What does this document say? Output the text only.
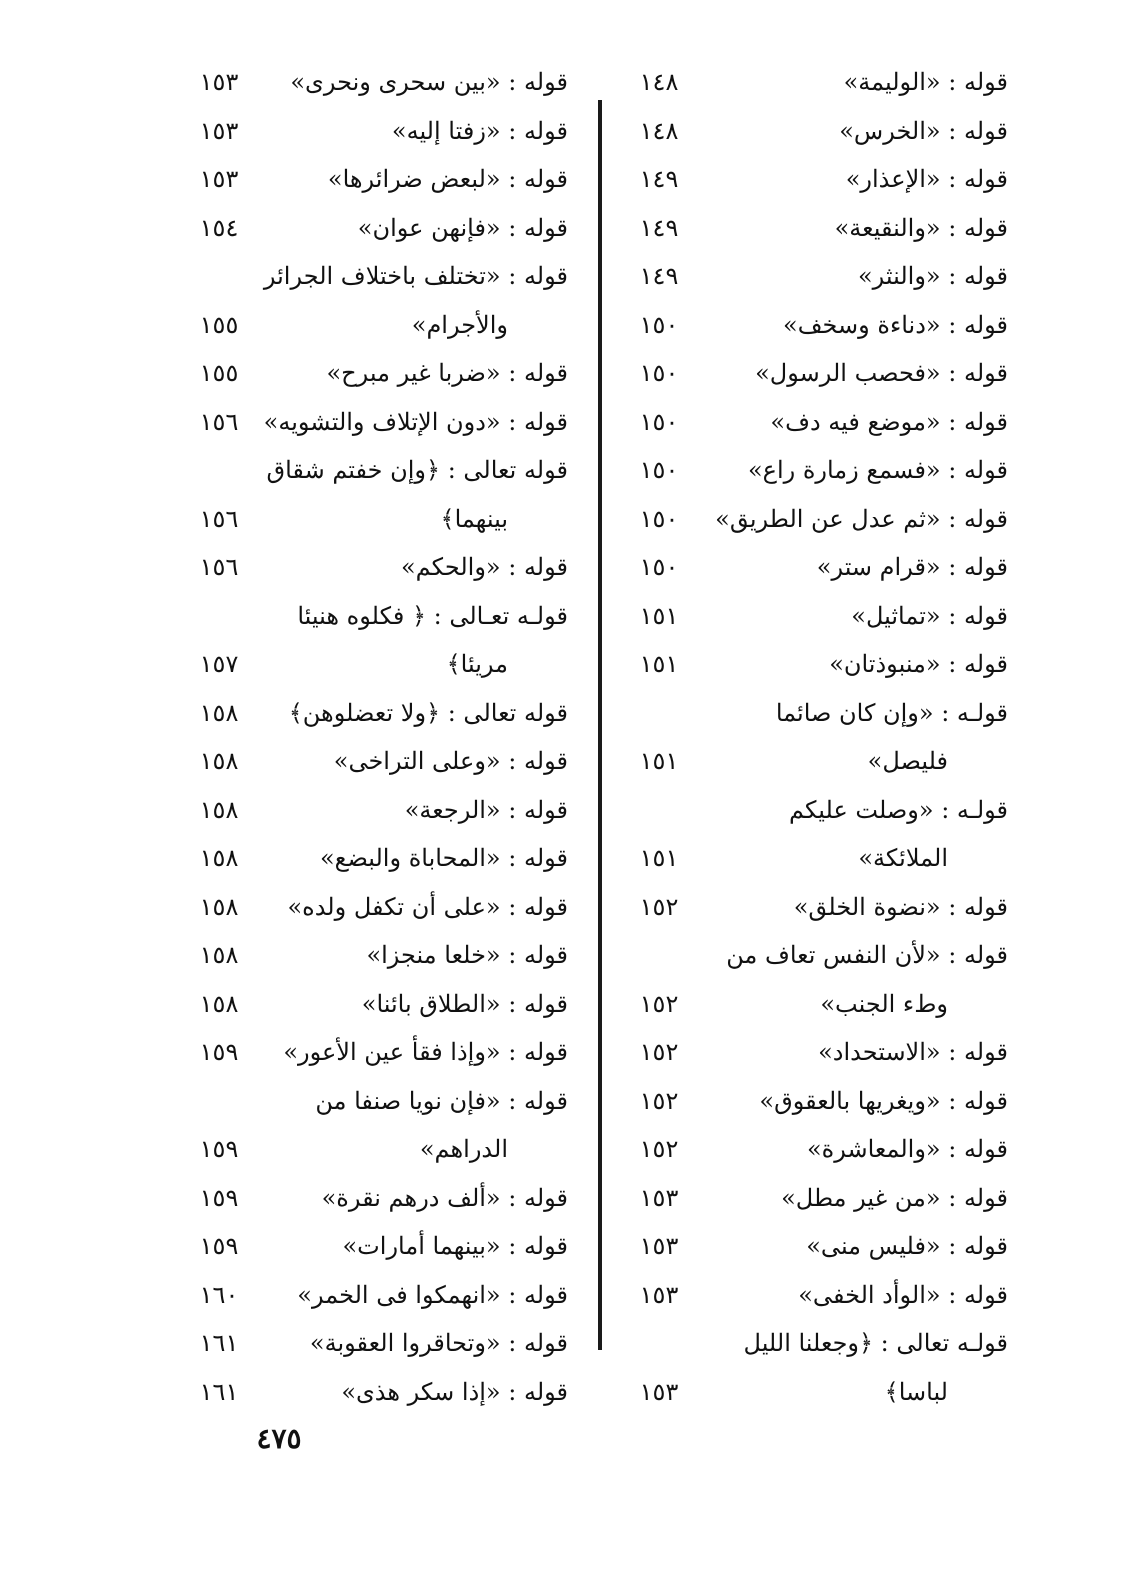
قوله : «الوليمة»
١٤٨
قوله : «الخرس»
١٤٨
قوله : «الإعذار»
١٤٩
قوله : «والنقيعة»
١٤٩
قوله : «والنثر»
١٤٩
قوله : «دناءة وسخف»
١٥٠
قوله : «فحصب الرسول»
١٥٠
قوله : «موضع فيه دف»
١٥٠
قوله : «فسمع زمارة راع»
١٥٠
قوله : «ثم عدل عن الطريق»
١٥٠
قوله : «قرام ستر»
١٥٠
قوله : «تماثيل»
١٥١
قوله : «منبوذتان»
١٥١
قولـه : «وإن كان صائما
فليصل»
١٥١
قولـه : «وصلت عليكم
الملائكة»
١٥١
قوله : «نضوة الخلق»
١٥٢
قوله : «لأن النفس تعاف من
وطء الجنب»
١٥٢
قوله : «الاستحداد»
١٥٢
قوله : «ويغريها بالعقوق»
١٥٢
قوله : «والمعاشرة»
١٥٢
قوله : «من غير مطل»
١٥٣
قوله : «فليس منى»
١٥٣
قوله : «الوأد الخفى»
١٥٣
قولـه تعالى : ﴿وجعلنا الليل
لباسا﴾
١٥٣
قوله : «بين سحرى ونحرى»
١٥٣
قوله : «زفتا إليه»
١٥٣
قوله : «لبعض ضرائرها»
١٥٣
قوله : «فإنهن عوان»
١٥٤
قوله : «تختلف باختلاف الجرائر
والأجرام»
١٥٥
قوله : «ضربا غير مبرح»
١٥٥
قوله : «دون الإتلاف والتشويه»
١٥٦
قوله تعالى : ﴿وإن خفتم شقاق
بينهما﴾
١٥٦
قوله : «والحكم»
١٥٦
قولـه تعـالى : ﴿ فكلوه هنيئا
مريئا﴾
١٥٧
قوله تعالى : ﴿ولا تعضلوهن﴾
١٥٨
قوله : «وعلى التراخى»
١٥٨
قوله : «الرجعة»
١٥٨
قوله : «المحاباة والبضع»
١٥٨
قوله : «على أن تكفل ولده»
١٥٨
قوله : «خلعا منجزا»
١٥٨
قوله : «الطلاق بائنا»
١٥٨
قوله : «وإذا فقأ عين الأعور»
١٥٩
قوله : «فإن نويا صنفا من
الدراهم»
١٥٩
قوله : «ألف درهم نقرة»
١٥٩
قوله : «بينهما أمارات»
١٥٩
قوله : «انهمكوا فى الخمر»
١٦٠
قوله : «وتحاقروا العقوبة»
١٦١
قوله : «إذا سكر هذى»
١٦١
٤٧٥
